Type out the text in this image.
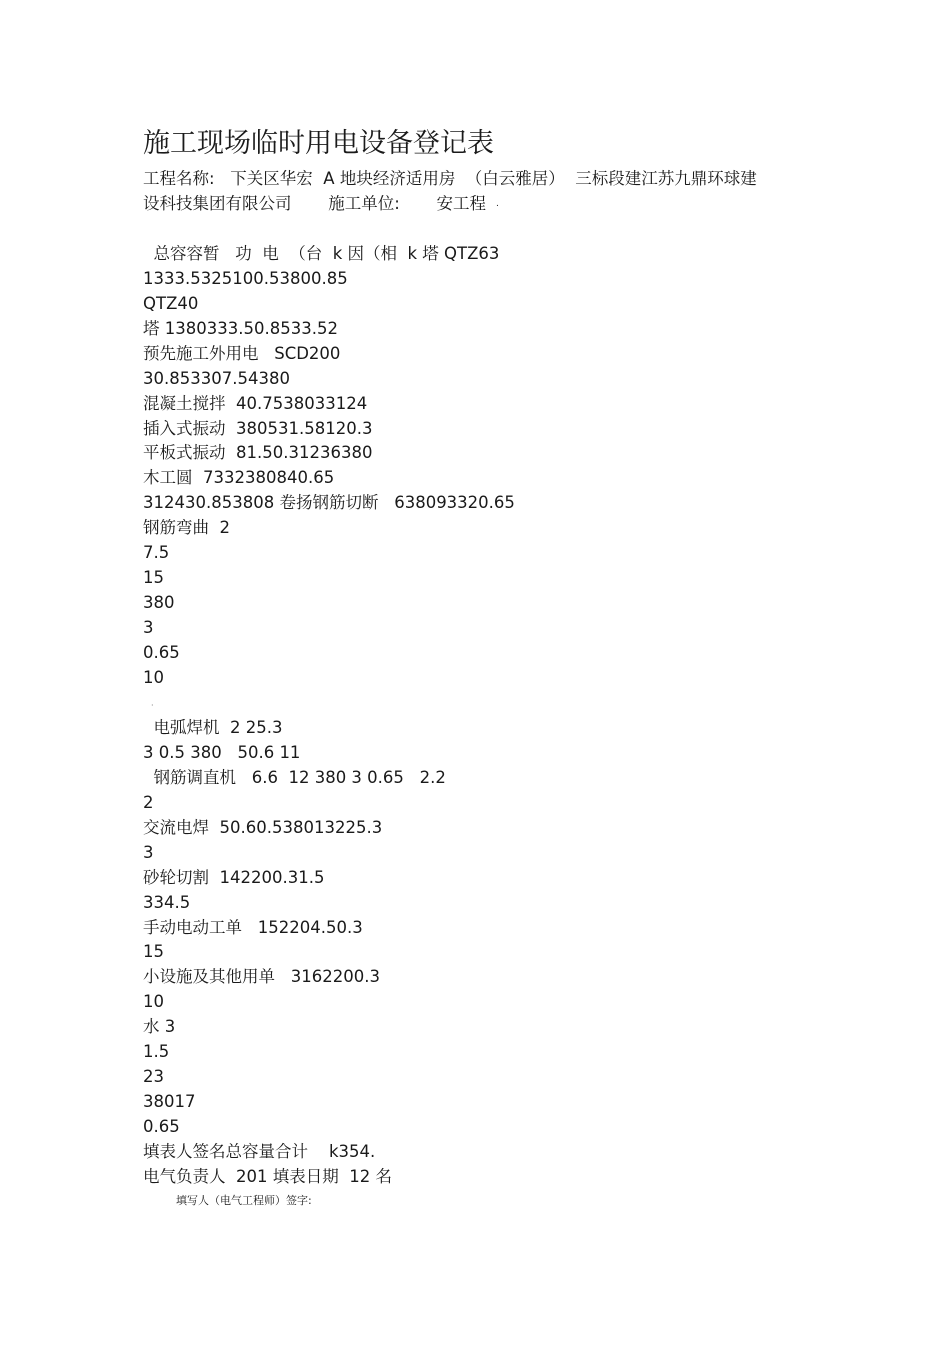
施工现场临时用电设备登记表
工程名称:   下关区华宏  A 地块经济适用房  （白云雅居）  三标段建江苏九鼎环球建
设科技集团有限公司       施工单位:       安工程 .
总容容暂   功  电  （台  k 因（相  k 塔 QTZ63
1333.5325100.53800.85
QTZ40
塔 1380333.50.8533.52
预先施工外用电   SCD200
30.853307.54380
混凝土搅拌  40.7538033124
插入式振动  380531.58120.3
平板式振动  81.50.31236380
木工圆  7332380840.65
312430.853808 卷扬钢筋切断   638093320.65
钢筋弯曲  2
7.5
15
380
3
0.65
10
电弧焊机  2 25.3
3 0.5 380   50.6 11
钢筋调直机   6.6  12 380 3 0.65   2.2
2
交流电焊  50.60.538013225.3
3
砂轮切割  142200.31.5
334.5
手动电动工单   152204.50.3
15
小设施及其他用单   3162200.3
10
水 3
1.5
23
38017
0.65
填表人签名总容量合计    k354.
电气负责人  201 填表日期  12 名
·
填写人（电气工程师）签字:
